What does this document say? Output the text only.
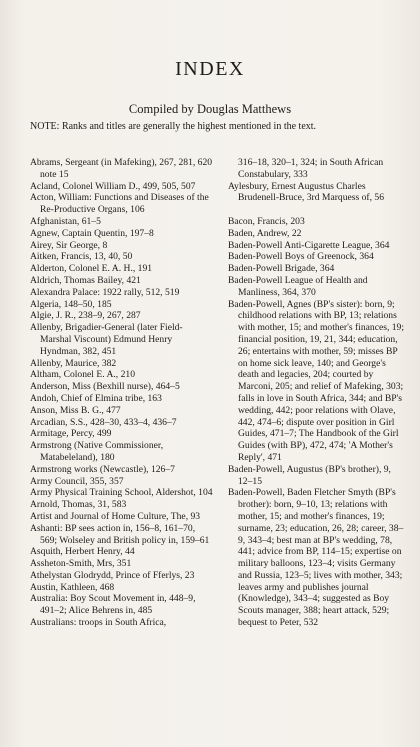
INDEX
Compiled by Douglas Matthews
NOTE: Ranks and titles are generally the highest mentioned in the text.

Abrams, Sergeant (in Mafeking), 267, 281, 620 note 15

Acland, Colonel William D., 499, 505, 507

Acton, William: Functions and Diseases of the Re-Productive Organs, 106

Afghanistan, 61–5

Agnew, Captain Quentin, 197–8

Airey, Sir George, 8

Aitken, Francis, 13, 40, 50

Alderton, Colonel E. A. H., 191

Aldrich, Thomas Bailey, 421

Alexandra Palace: 1922 rally, 512, 519

Algeria, 148–50, 185

Algie, J. R., 238–9, 267, 287

Allenby, Brigadier-General (later Field-Marshal Viscount) Edmund Henry Hyndman, 382, 451

Allenby, Maurice, 382

Altham, Colonel E. A., 210

Anderson, Miss (Bexhill nurse), 464–5

Andoh, Chief of Elmina tribe, 163

Anson, Miss B. G., 477

Arcadian, S.S., 428–30, 433–4, 436–7

Armitage, Percy, 499

Armstrong (Native Commissioner, Matabeleland), 180

Armstrong works (Newcastle), 126–7

Army Council, 355, 357

Army Physical Training School, Aldershot, 104

Arnold, Thomas, 31, 583

Artist and Journal of Home Culture, The, 93

Ashanti: BP sees action in, 156–8, 161–70, 569; Wolseley and British policy in, 159–61

Asquith, Herbert Henry, 44

Assheton-Smith, Mrs, 351

Athelystan Glodrydd, Prince of Fferlys, 23

Austin, Kathleen, 468

Australia: Boy Scout Movement in, 448–9, 491–2; Alice Behrens in, 485

Australians: troops in South Africa,

316–18, 320–1, 324; in South African Constabulary, 333

Aylesbury, Ernest Augustus Charles Brudenell-Bruce, 3rd Marquess of, 56

Bacon, Francis, 203

Baden, Andrew, 22

Baden-Powell Anti-Cigarette League, 364

Baden-Powell Boys of Greenock, 364

Baden-Powell Brigade, 364

Baden-Powell League of Health and Manliness, 364, 370

Baden-Powell, Agnes (BP's sister): born, 9; childhood relations with BP, 13; relations with mother, 15; and mother's finances, 19; financial position, 19, 21, 344; education, 26; entertains with mother, 59; misses BP on home sick leave, 140; and George's death and legacies, 204; courted by Marconi, 205; and relief of Mafeking, 303; falls in love in South Africa, 344; and BP's wedding, 442; poor relations with Olave, 442, 474–6; dispute over position in Girl Guides, 471–7; The Handbook of the Girl Guides (with BP), 472, 474; 'A Mother's Reply', 471

Baden-Powell, Augustus (BP's brother), 9, 12–15

Baden-Powell, Baden Fletcher Smyth (BP's brother): born, 9–10, 13; relations with mother, 15; and mother's finances, 19; surname, 23; education, 26, 28; career, 38–9, 343–4; best man at BP's wedding, 78, 441; advice from BP, 114–15; expertise on military balloons, 123–4; visits Germany and Russia, 123–5; lives with mother, 343; leaves army and publishes journal (Knowledge), 343–4; suggested as Boy Scouts manager, 388; heart attack, 529; bequest to Peter, 532
